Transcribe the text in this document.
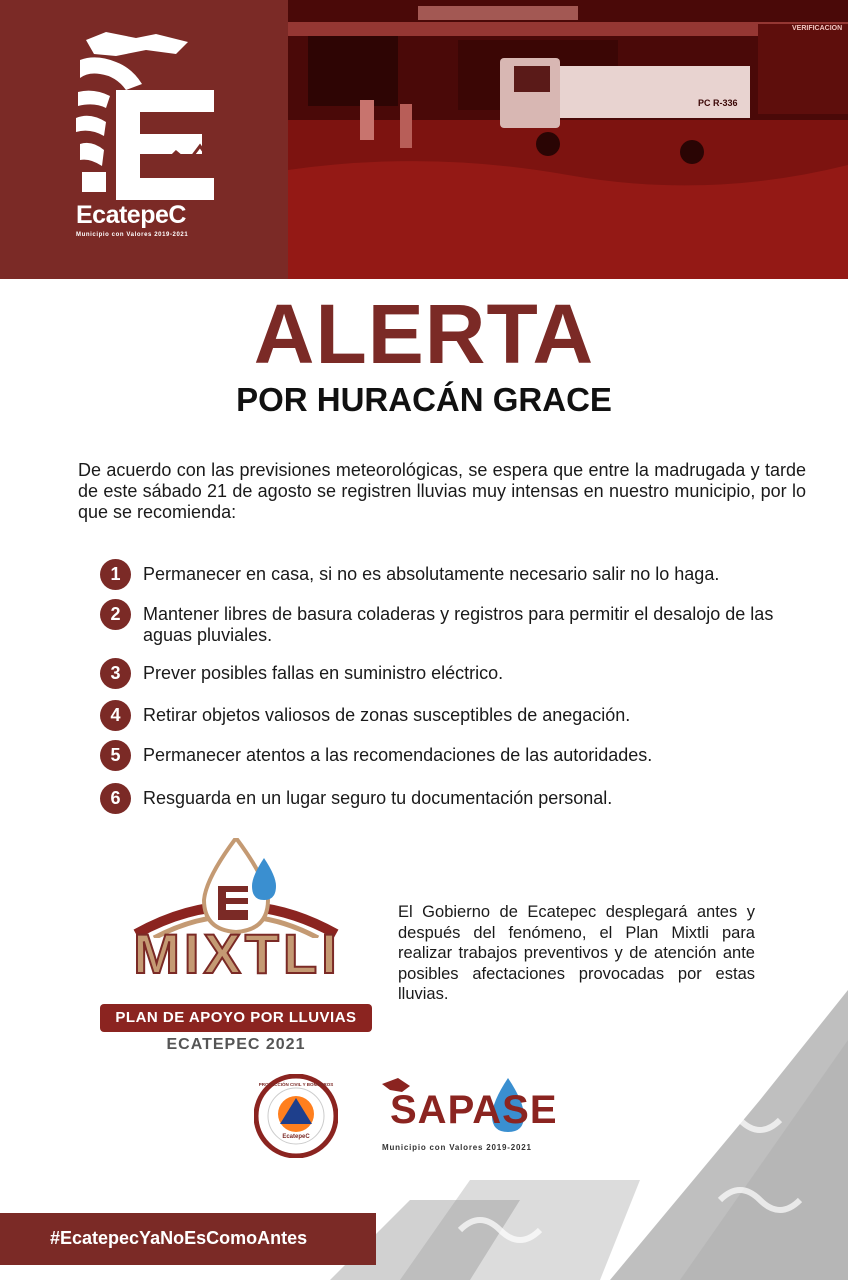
EcatepeC
Municipio con Valores 2019-2021
PC R-336
VERIFICACION
ALERTA
POR HURACÁN GRACE
De acuerdo con las previsiones meteorológicas, se espera que entre la madrugada y tarde de este sábado 21 de agosto se registren lluvias muy intensas en nuestro municipio, por lo que se recomienda:
1	Permanecer en casa, si no es absolutamente necesario salir no lo haga.
2	Mantener libres de basura coladeras y registros para permitir el desalojo de las aguas pluviales.
3	Prever posibles fallas en suministro eléctrico.
4	Retirar objetos valiosos de zonas susceptibles de anegación.
5	Permanecer atentos a las recomendaciones de las autoridades.
6	Resguarda en un lugar seguro tu documentación personal.
MIXTLI
PLAN DE APOYO POR LLUVIAS
ECATEPEC 2021
El Gobierno de Ecatepec desplegará antes y después del fenómeno, el Plan Mixtli para realizar trabajos preventivos y de atención ante posibles afectaciones provocadas por estas lluvias.
EcatepeC
PROTECCIÓN CIVIL Y BOMBEROS
SAPASE
Municipio con Valores 2019-2021
#EcatepecYaNoEsComoAntes
